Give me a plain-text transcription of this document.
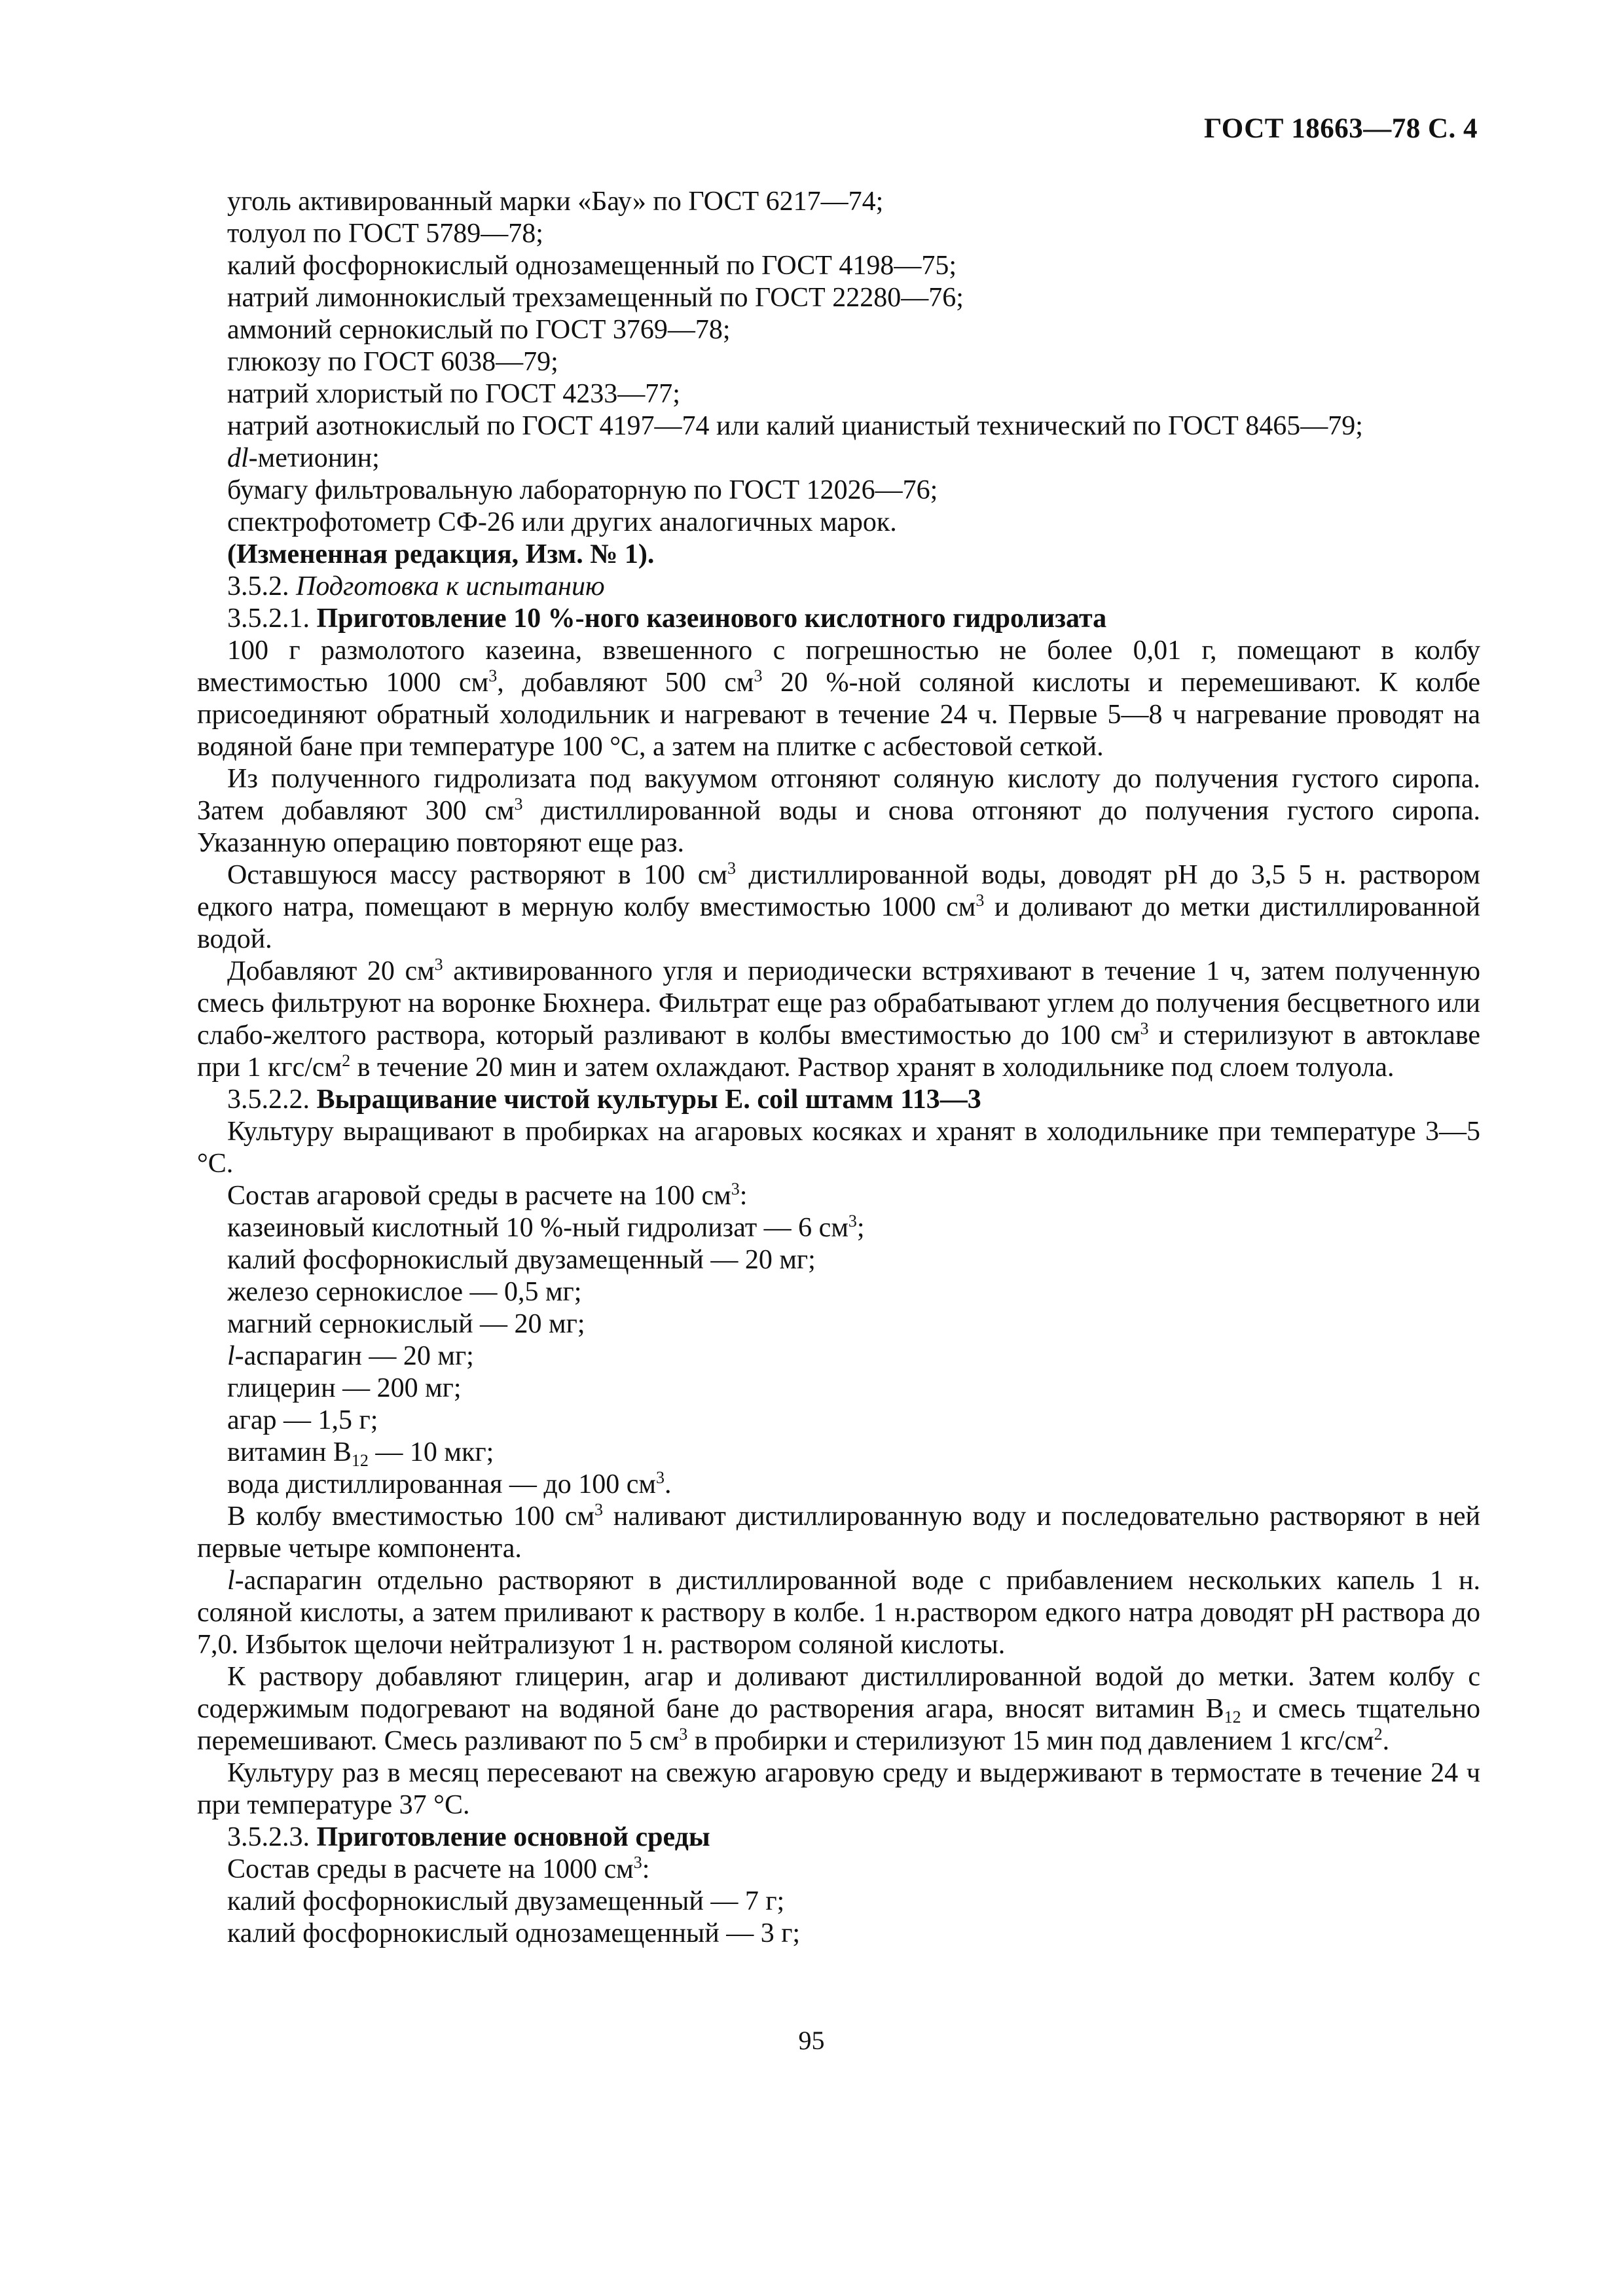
ГОСТ 18663—78 С. 4

уголь активированный марки «Бау» по ГОСТ 6217—74;

толуол по ГОСТ 5789—78;

калий фосфорнокислый однозамещенный по ГОСТ 4198—75;

натрий лимоннокислый трехзамещенный по ГОСТ 22280—76;

аммоний сернокислый по ГОСТ 3769—78;

глюкозу по ГОСТ 6038—79;

натрий хлористый по ГОСТ 4233—77;

натрий азотнокислый по ГОСТ 4197—74 или калий цианистый технический по ГОСТ 8465—79;

dl-метионин;

бумагу фильтровальную лабораторную по ГОСТ 12026—76;

спектрофотометр СФ-26 или других аналогичных марок.

(Измененная редакция, Изм. № 1).

3.5.2. Подготовка к испытанию

3.5.2.1. Приготовление 10 %-ного казеинового кислотного гидролизата

100 г размолотого казеина, взвешенного с погрешностью не более 0,01 г, помещают в колбу вместимостью 1000 $см^3$, добавляют 500 $см^3$ 20 %-ной соляной кислоты и перемешивают. К колбе присоединяют обратный холодильник и нагревают в течение 24 ч. Первые 5—8 ч нагревание проводят на водяной бане при температуре 100 °С, а затем на плитке с асбестовой сеткой.

Из полученного гидролизата под вакуумом отгоняют соляную кислоту до получения густого сиропа. Затем добавляют 300 $см^3$ дистиллированной воды и снова отгоняют до получения густого сиропа. Указанную операцию повторяют еще раз.

Оставшуюся массу растворяют в 100 $см^3$ дистиллированной воды, доводят pH до 3,5 5 н. раствором едкого натра, помещают в мерную колбу вместимостью 1000 $см^3$ и доливают до метки дистиллированной водой.

Добавляют 20 $см^3$ активированного угля и периодически встряхивают в течение 1 ч, затем полученную смесь фильтруют на воронке Бюхнера. Фильтрат еще раз обрабатывают углем до получения бесцветного или слабо-желтого раствора, который разливают в колбы вместимостью до 100 $см^3$ и стерилизуют в автоклаве при 1 кгс/$см^2$ в течение 20 мин и затем охлаждают. Раствор хранят в холодильнике под слоем толуола.

3.5.2.2. Выращивание чистой культуры E. coil штамм 113—3

Культуру выращивают в пробирках на агаровых косяках и хранят в холодильнике при температуре 3—5 °С.

Состав агаровой среды в расчете на 100 $см^3$:

казеиновый кислотный 10 %-ный гидролизат — 6 $см^3$;

калий фосфорнокислый двузамещенный — 20 мг;

железо сернокислое — 0,5 мг;

магний сернокислый — 20 мг;

l-аспарагин — 20 мг;

глицерин — 200 мг;

агар — 1,5 г;

витамин $В_{12}$ — 10 мкг;

вода дистиллированная — до 100 $см^3$.

В колбу вместимостью 100 $см^3$ наливают дистиллированную воду и последовательно растворяют в ней первые четыре компонента.

l-аспарагин отдельно растворяют в дистиллированной воде с прибавлением нескольких капель 1 н. соляной кислоты, а затем приливают к раствору в колбе. 1 н.раствором едкого натра доводят pH раствора до 7,0. Избыток щелочи нейтрализуют 1 н. раствором соляной кислоты.

К раствору добавляют глицерин, агар и доливают дистиллированной водой до метки. Затем колбу с содержимым подогревают на водяной бане до растворения агара, вносят витамин $В_{12}$ и смесь тщательно перемешивают. Смесь разливают по 5 $см^3$ в пробирки и стерилизуют 15 мин под давлением 1 кгс/$см^2$.

Культуру раз в месяц пересевают на свежую агаровую среду и выдерживают в термостате в течение 24 ч при температуре 37 °С.

3.5.2.3. Приготовление основной среды

Состав среды в расчете на 1000 $см^3$:

калий фосфорнокислый двузамещенный — 7 г;

калий фосфорнокислый однозамещенный — 3 г;

95
